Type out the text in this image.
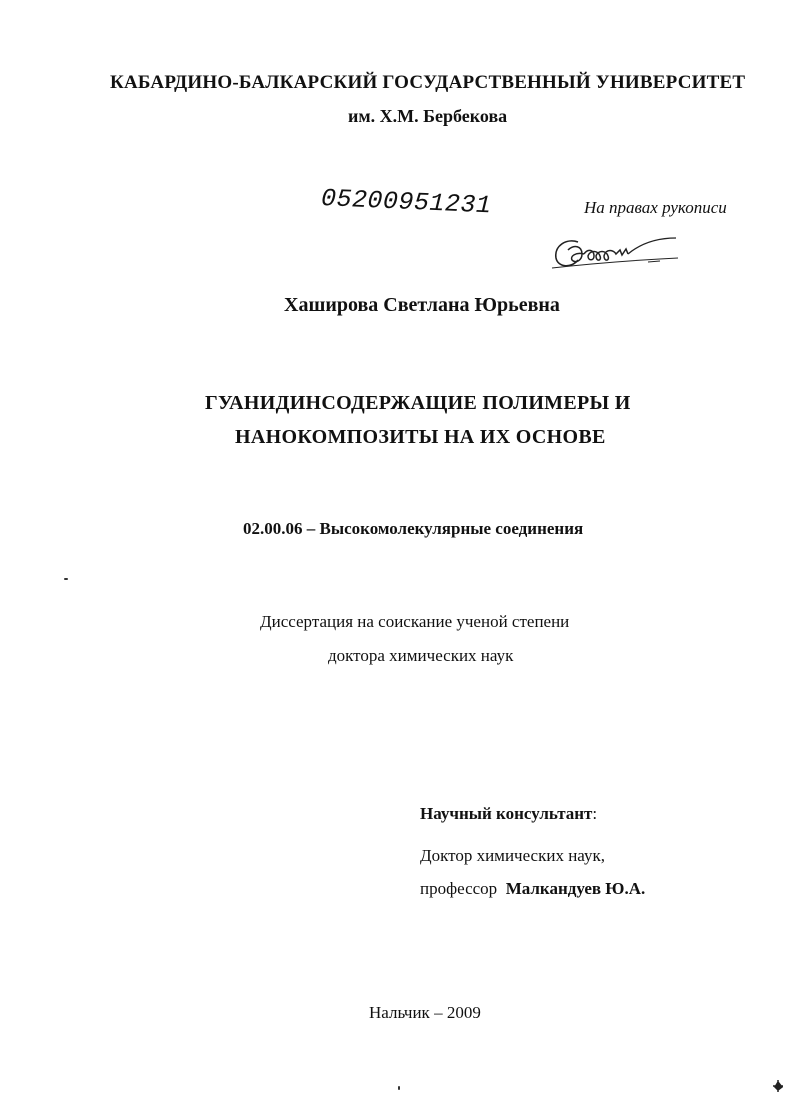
КАБАРДИНО-БАЛКАРСКИЙ ГОСУДАРСТВЕННЫЙ УНИВЕРСИТЕТ
им. Х.М. Бербекова
05200951231	На правах рукописи
Хаширова Светлана Юрьевна
ГУАНИДИНСОДЕРЖАЩИЕ ПОЛИМЕРЫ И
НАНОКОМПОЗИТЫ НА ИХ ОСНОВЕ
02.00.06 – Высокомолекулярные соединения
Диссертация на соискание ученой степени
доктора химических наук
Научный консультант:
Доктор химических наук,
профессор Малкандуев Ю.А.
Нальчик – 2009
